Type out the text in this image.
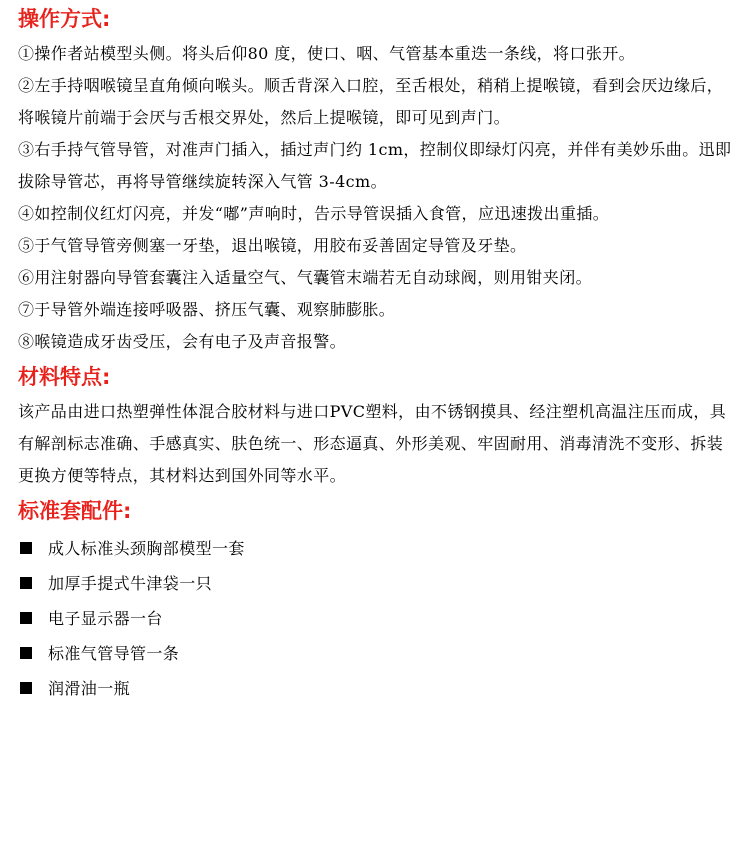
操作方式:

①操作者站模型头侧。将头后仰80 度，使口、咽、气管基本重迭一条线，将口张开。

②左手持咽喉镜呈直角倾向喉头。顺舌背深入口腔，至舌根处，稍稍上提喉镜，看到会厌边缘后，将喉镜片前端于会厌与舌根交界处，然后上提喉镜，即可见到声门。

③右手持气管导管，对准声门插入，插过声门约 1cm，控制仪即绿灯闪亮，并伴有美妙乐曲。迅即拔除导管芯，再将导管继续旋转深入气管 3-4cm。

④如控制仪红灯闪亮，并发“嘟”声响时，告示导管误插入食管，应迅速拨出重插。

⑤于气管导管旁侧塞一牙垫，退出喉镜，用胶布妥善固定导管及牙垫。

⑥用注射器向导管套囊注入适量空气、气囊管末端若无自动球阀，则用钳夹闭。

⑦于导管外端连接呼吸器、挤压气囊、观察肺膨胀。

⑧喉镜造成牙齿受压，会有电子及声音报警。

材料特点:

该产品由进口热塑弹性体混合胶材料与进口PVC塑料，由不锈钢摸具、经注塑机高温注压而成，具有解剖标志准确、手感真实、肤色统一、形态逼真、外形美观、牢固耐用、消毒清洗不变形、拆装更换方便等特点，其材料达到国外同等水平。

标准套配件:
成人标准头颈胸部模型一套
加厚手提式牛津袋一只
电子显示器一台
标准气管导管一条
润滑油一瓶
